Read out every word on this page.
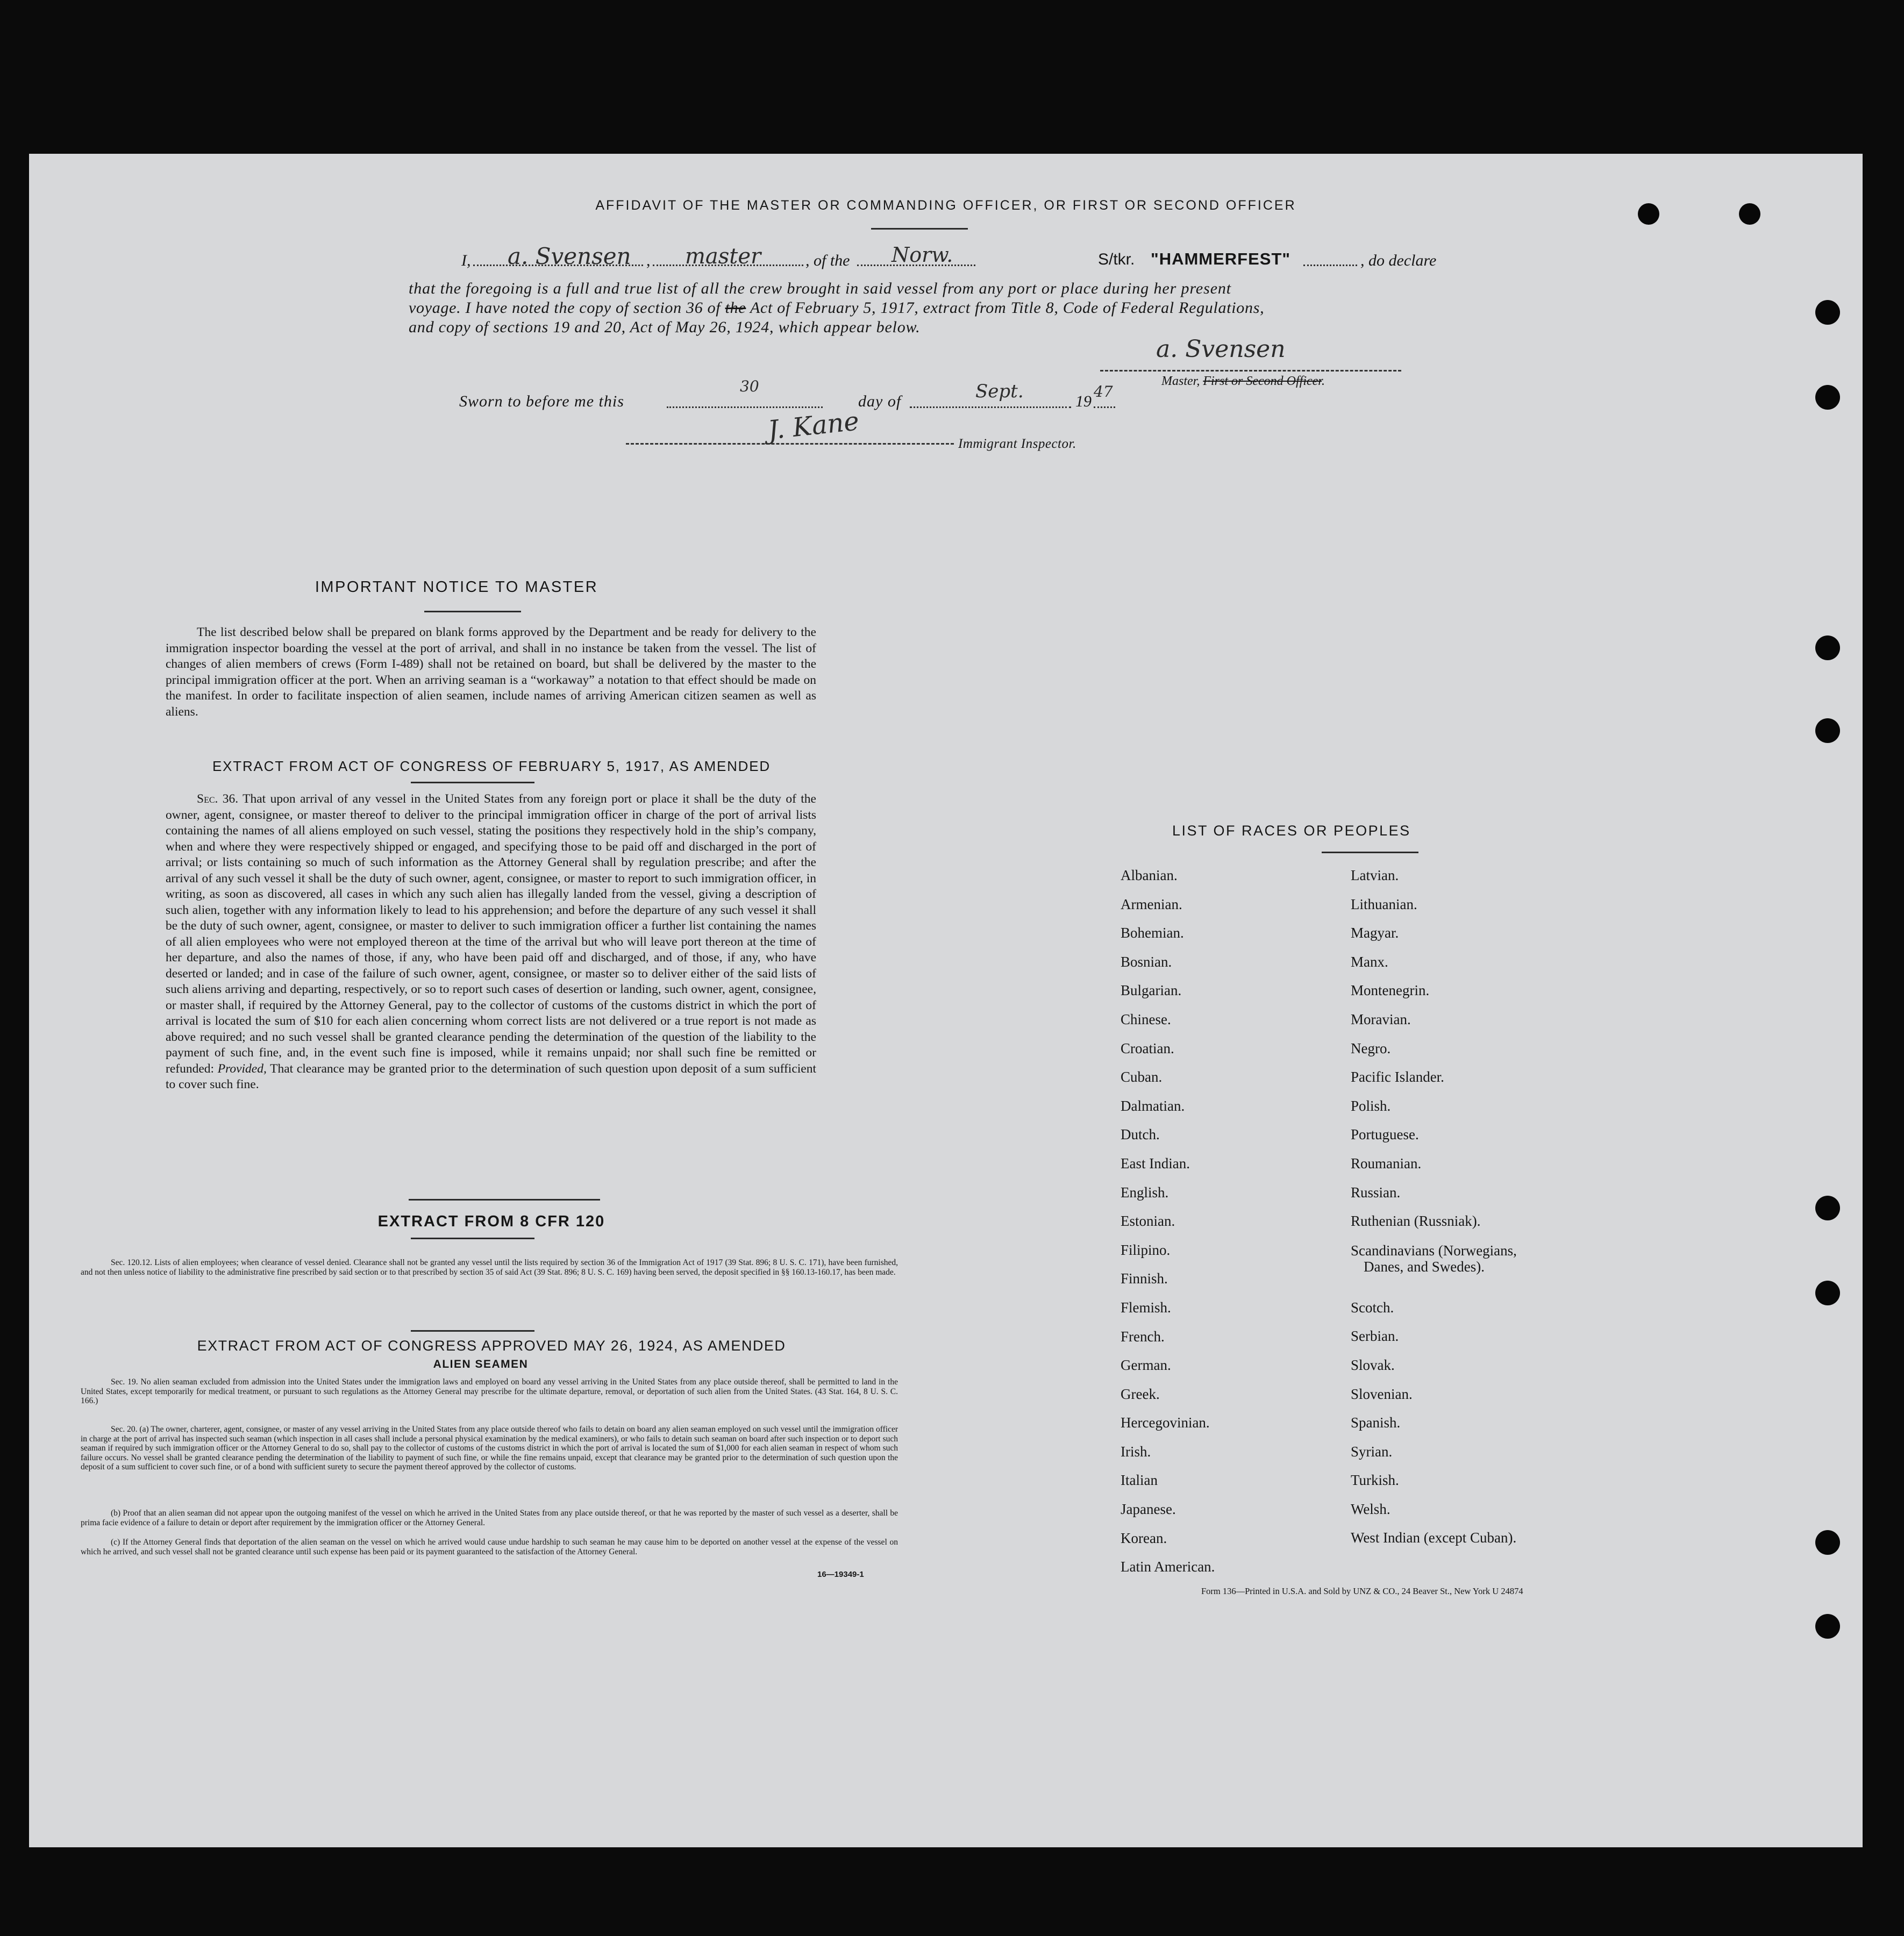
AFFIDAVIT OF THE MASTER OR COMMANDING OFFICER, OR FIRST OR SECOND OFFICER
I, a. Svensen , master	, of the Norw.	S/tkr. "HAMMERFEST"	, do declare
that the foregoing is a full and true list of all the crew brought in said vessel from any port or place during her present
voyage. I have noted the copy of section 36 of the Act of February 5, 1917, extract from Title 8, Code of Federal Regulations,
and copy of sections 19 and 20, Act of May 26, 1924, which appear below.
a. Svensen
Master, First or Second Officer.
Sworn to before me this
30
day of	Sept.	19
47
J. Kane	Immigrant Inspector.
IMPORTANT NOTICE TO MASTER
The list described below shall be prepared on blank forms approved by the Department and be ready for delivery to the immigration inspector boarding the vessel at the port of arrival, and shall in no instance be taken from the vessel. The list of changes of alien members of crews (Form I-489) shall not be retained on board, but shall be delivered by the master to the principal immigration officer at the port. When an arriving seaman is a “workaway” a notation to that effect should be made on the manifest. In order to facilitate inspection of alien seamen, include names of arriving American citizen seamen as well as aliens.
EXTRACT FROM ACT OF CONGRESS OF FEBRUARY 5, 1917, AS AMENDED
Sec. 36. That upon arrival of any vessel in the United States from any foreign port or place it shall be the duty of the owner, agent, consignee, or master thereof to deliver to the principal immigration officer in charge of the port of arrival lists containing the names of all aliens employed on such vessel, stating the positions they respectively hold in the ship’s company, when and where they were respectively shipped or engaged, and specifying those to be paid off and discharged in the port of arrival; or lists containing so much of such information as the Attorney General shall by regulation prescribe; and after the arrival of any such vessel it shall be the duty of such owner, agent, consignee, or master to report to such immigration officer, in writing, as soon as discovered, all cases in which any such alien has illegally landed from the vessel, giving a description of such alien, together with any information likely to lead to his apprehension; and before the departure of any such vessel it shall be the duty of such owner, agent, consignee, or master to deliver to such immigration officer a further list containing the names of all alien employees who were not employed thereon at the time of the arrival but who will leave port thereon at the time of her departure, and also the names of those, if any, who have been paid off and discharged, and of those, if any, who have deserted or landed; and in case of the failure of such owner, agent, consignee, or master so to deliver either of the said lists of such aliens arriving and departing, respectively, or so to report such cases of desertion or landing, such owner, agent, consignee, or master shall, if required by the Attorney General, pay to the collector of customs of the customs district in which the port of arrival is located the sum of $10 for each alien concerning whom correct lists are not delivered or a true report is not made as above required; and no such vessel shall be granted clearance pending the determination of the question of the liability to the payment of such fine, and, in the event such fine is imposed, while it remains unpaid; nor shall such fine be remitted or refunded: Provided, That clearance may be granted prior to the determination of such question upon deposit of a sum sufficient to cover such fine.
EXTRACT FROM 8 CFR 120
Sec. 120.12. Lists of alien employees; when clearance of vessel denied. Clearance shall not be granted any vessel until the lists required by section 36 of the Immigration Act of 1917 (39 Stat. 896; 8 U. S. C. 171), have been furnished, and not then unless notice of liability to the administrative fine prescribed by said section or to that prescribed by section 35 of said Act (39 Stat. 896; 8 U. S. C. 169) having been served, the deposit specified in §§ 160.13-160.17, has been made.
EXTRACT FROM ACT OF CONGRESS APPROVED MAY 26, 1924, AS AMENDED
ALIEN SEAMEN
Sec. 19. No alien seaman excluded from admission into the United States under the immigration laws and employed on board any vessel arriving in the United States from any place outside thereof, shall be permitted to land in the United States, except temporarily for medical treatment, or pursuant to such regulations as the Attorney General may prescribe for the ultimate departure, removal, or deportation of such alien from the United States. (43 Stat. 164, 8 U. S. C. 166.)
Sec. 20. (a) The owner, charterer, agent, consignee, or master of any vessel arriving in the United States from any place outside thereof who fails to detain on board any alien seaman employed on such vessel until the immigration officer in charge at the port of arrival has inspected such seaman (which inspection in all cases shall include a personal physical examination by the medical examiners), or who fails to detain such seaman on board after such inspection or to deport such seaman if required by such immigration officer or the Attorney General to do so, shall pay to the collector of customs of the customs district in which the port of arrival is located the sum of $1,000 for each alien seaman in respect of whom such failure occurs. No vessel shall be granted clearance pending the determination of the liability to payment of such fine, or while the fine remains unpaid, except that clearance may be granted prior to the determination of such question upon the deposit of a sum sufficient to cover such fine, or of a bond with sufficient surety to secure the payment thereof approved by the collector of customs.
(b) Proof that an alien seaman did not appear upon the outgoing manifest of the vessel on which he arrived in the United States from any place outside thereof, or that he was reported by the master of such vessel as a deserter, shall be prima facie evidence of a failure to detain or deport after requirement by the immigration officer or the Attorney General.
(c) If the Attorney General finds that deportation of the alien seaman on the vessel on which he arrived would cause undue hardship to such seaman he may cause him to be deported on another vessel at the expense of the vessel on which he arrived, and such vessel shall not be granted clearance until such expense has been paid or its payment guaranteed to the satisfaction of the Attorney General.
16—19349-1
LIST OF RACES OR PEOPLES
Albanian.
Armenian.
Bohemian.
Bosnian.
Bulgarian.
Chinese.
Croatian.
Cuban.
Dalmatian.
Dutch.
East Indian.
English.
Estonian.
Filipino.
Finnish.
Flemish.
French.
German.
Greek.
Hercegovinian.
Irish.
Italian
Japanese.
Korean.
Latin American.
Latvian.
Lithuanian.
Magyar.
Manx.
Montenegrin.
Moravian.
Negro.
Pacific Islander.
Polish.
Portuguese.
Roumanian.
Russian.
Ruthenian (Russniak).
Scandinavians (Norwegians,
Danes, and Swedes).
Scotch.
Serbian.
Slovak.
Slovenian.
Spanish.
Syrian.
Turkish.
Welsh.
West Indian (except Cuban).
Form 136—Printed in U.S.A. and Sold by UNZ & CO., 24 Beaver St., New York U 24874
